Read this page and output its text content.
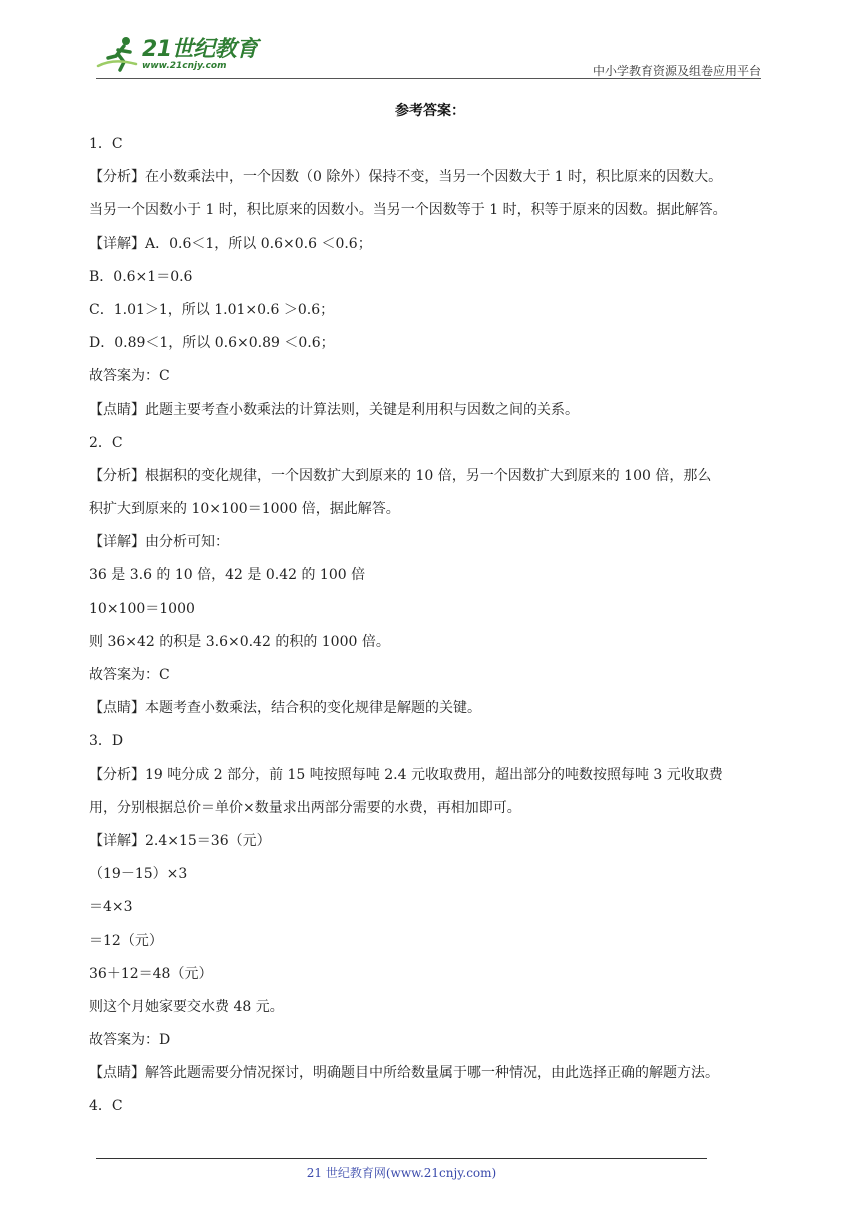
21世纪教育
www.21cnjy.com	中小学教育资源及组卷应用平台
参考答案：
1．C
【分析】在小数乘法中，一个因数（0 除外）保持不变，当另一个因数大于 1 时，积比原来的因数大。
当另一个因数小于 1 时，积比原来的因数小。当另一个因数等于 1 时，积等于原来的因数。据此解答。
【详解】A．0.6＜1，所以 0.6×0.6 ＜0.6；
B．0.6×1＝0.6
C．1.01＞1，所以 1.01×0.6 ＞0.6；
D．0.89＜1，所以 0.6×0.89 ＜0.6；
故答案为：C
【点睛】此题主要考查小数乘法的计算法则，关键是利用积与因数之间的关系。
2．C
【分析】根据积的变化规律，一个因数扩大到原来的 10 倍，另一个因数扩大到原来的 100 倍，那么
积扩大到原来的 10×100＝1000 倍，据此解答。
【详解】由分析可知：
36 是 3.6 的 10 倍，42 是 0.42 的 100 倍
10×100＝1000
则 36×42 的积是 3.6×0.42 的积的 1000 倍。
故答案为：C
【点睛】本题考查小数乘法，结合积的变化规律是解题的关键。
3．D
【分析】19 吨分成 2 部分，前 15 吨按照每吨 2.4 元收取费用，超出部分的吨数按照每吨 3 元收取费
用，分别根据总价＝单价×数量求出两部分需要的水费，再相加即可。
【详解】2.4×15＝36（元）
（19－15）×3
＝4×3
＝12（元）
36＋12＝48（元）
则这个月她家要交水费 48 元。
故答案为：D
【点睛】解答此题需要分情况探讨，明确题目中所给数量属于哪一种情况，由此选择正确的解题方法。
4．C
21 世纪教育网(www.21cnjy.com)
